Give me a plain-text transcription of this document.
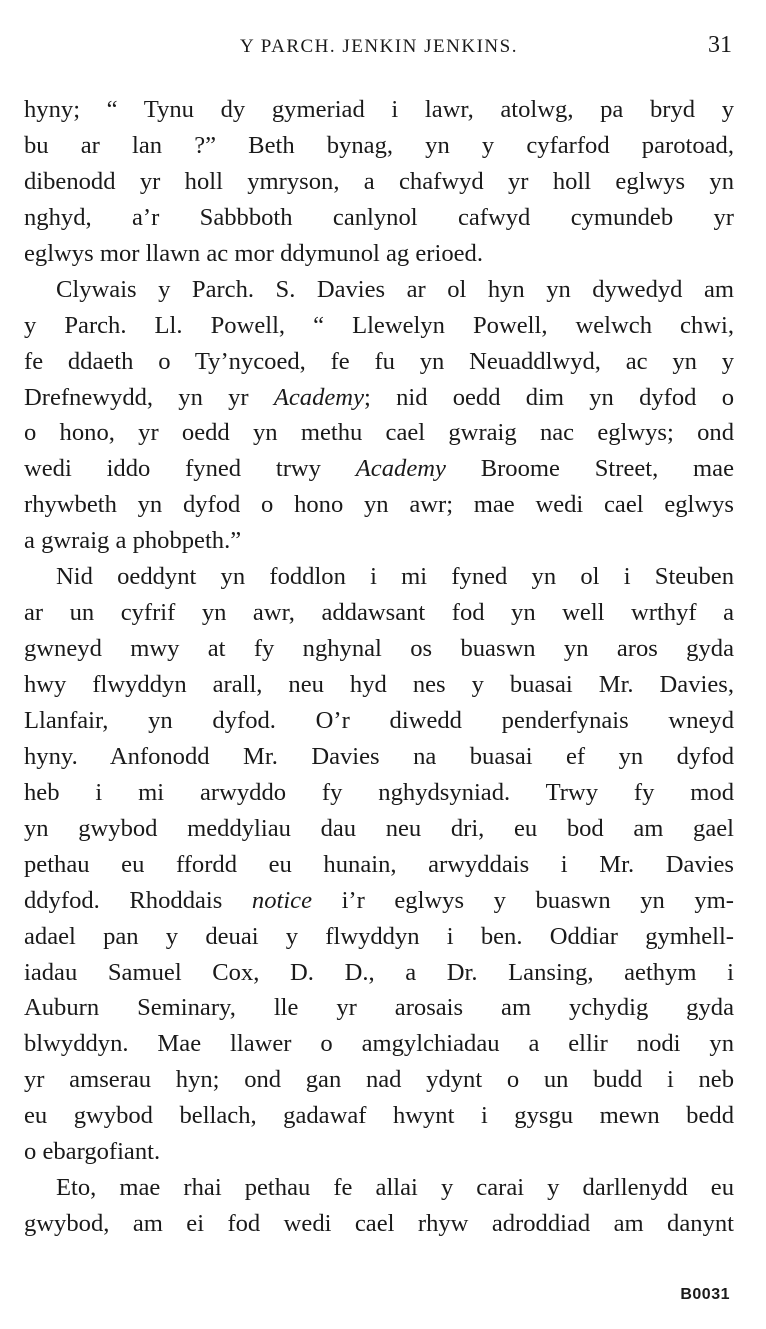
Y PARCH. JENKIN JENKINS.	31
hyny; “ Tynu dy gymeriad i lawr, atolwg, pa bryd y
bu ar lan ?” Beth bynag, yn y cyfarfod parotoad,
dibenodd yr holl ymryson, a chafwyd yr holl eglwys yn
nghyd, a’r Sabbboth canlynol cafwyd cymundeb yr
eglwys mor llawn ac mor ddymunol ag erioed.
Clywais y Parch. S. Davies ar ol hyn yn dywedyd am
y Parch. Ll. Powell, “ Llewelyn Powell, welwch chwi,
fe ddaeth o Ty’nycoed, fe fu yn Neuaddlwyd, ac yn y
Drefnewydd, yn yr Academy; nid oedd dim yn dyfod o
o hono, yr oedd yn methu cael gwraig nac eglwys; ond
wedi iddo fyned trwy Academy Broome Street, mae
rhywbeth yn dyfod o hono yn awr; mae wedi cael eglwys
a gwraig a phobpeth.”
Nid oeddynt yn foddlon i mi fyned yn ol i Steuben
ar un cyfrif yn awr, addawsant fod yn well wrthyf a
gwneyd mwy at fy nghynal os buaswn yn aros gyda
hwy flwyddyn arall, neu hyd nes y buasai Mr. Davies,
Llanfair, yn dyfod. O’r diwedd penderfynais wneyd
hyny. Anfonodd Mr. Davies na buasai ef yn dyfod
heb i mi arwyddo fy nghydsyniad. Trwy fy mod
yn gwybod meddyliau dau neu dri, eu bod am gael
pethau eu ffordd eu hunain, arwyddais i Mr. Davies
ddyfod. Rhoddais notice i’r eglwys y buaswn yn ym-
adael pan y deuai y flwyddyn i ben. Oddiar gymhell-
iadau Samuel Cox, D. D., a Dr. Lansing, aethym i
Auburn Seminary, lle yr arosais am ychydig gyda
blwyddyn. Mae llawer o amgylchiadau a ellir nodi yn
yr amserau hyn; ond gan nad ydynt o un budd i neb
eu gwybod bellach, gadawaf hwynt i gysgu mewn bedd
o ebargofiant.
Eto, mae rhai pethau fe allai y carai y darllenydd eu
gwybod, am ei fod wedi cael rhyw adroddiad am danynt
B0031
